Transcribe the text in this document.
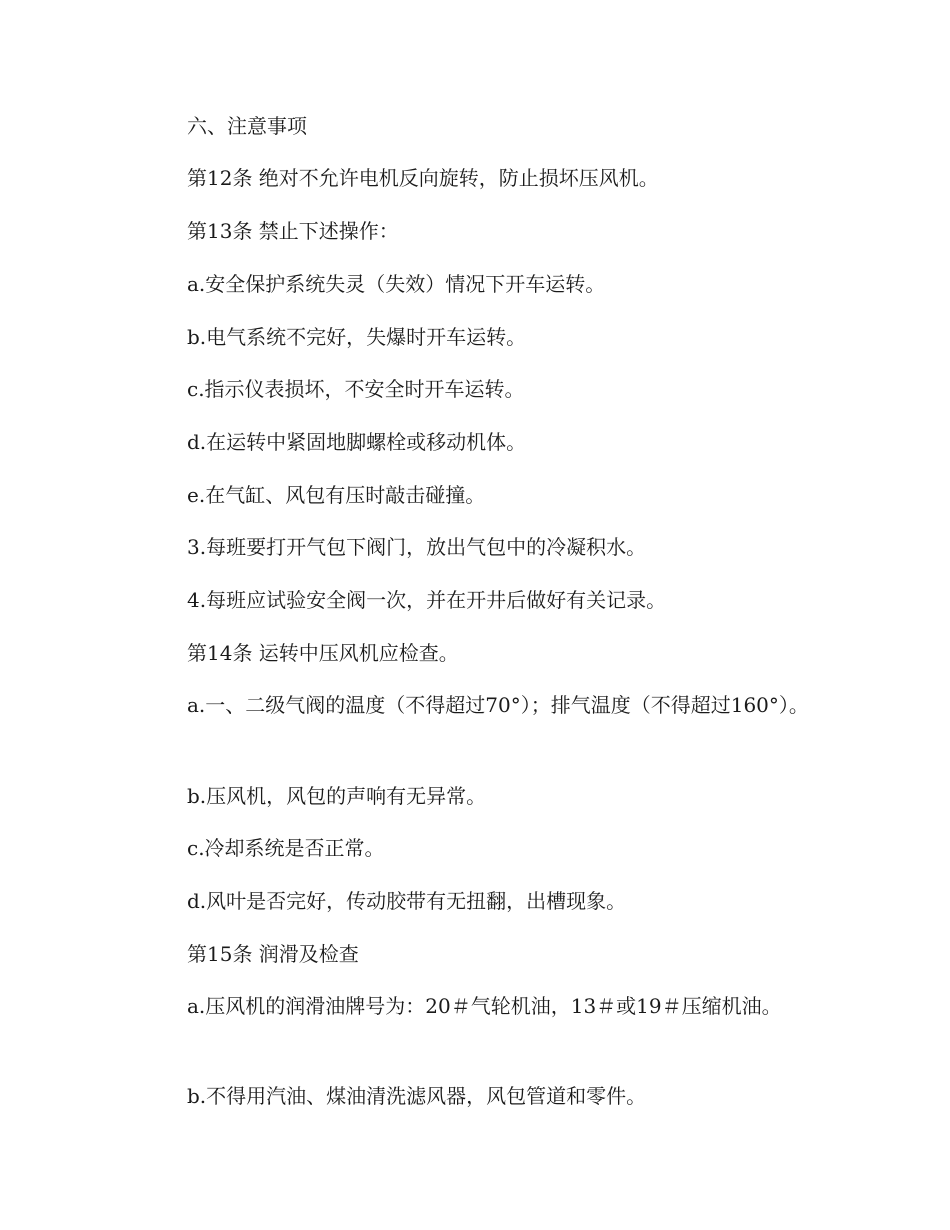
六、注意事项

第12条 绝对不允许电机反向旋转，防止损坏压风机。

第13条 禁止下述操作：

a.安全保护系统失灵（失效）情况下开车运转。

b.电气系统不完好，失爆时开车运转。

c.指示仪表损坏，不安全时开车运转。

d.在运转中紧固地脚螺栓或移动机体。

e.在气缸、风包有压时敲击碰撞。

3.每班要打开气包下阀门，放出气包中的冷凝积水。

4.每班应试验安全阀一次，并在开井后做好有关记录。

第14条 运转中压风机应检查。

a.一、二级气阀的温度（不得超过70°）；排气温度（不得超过160°）。

b.压风机，风包的声响有无异常。

c.冷却系统是否正常。

d.风叶是否完好，传动胶带有无扭翻，出槽现象。

第15条 润滑及检查

a.压风机的润滑油牌号为：20＃气轮机油，13＃或19＃压缩机油。

b.不得用汽油、煤油清洗滤风器，风包管道和零件。
